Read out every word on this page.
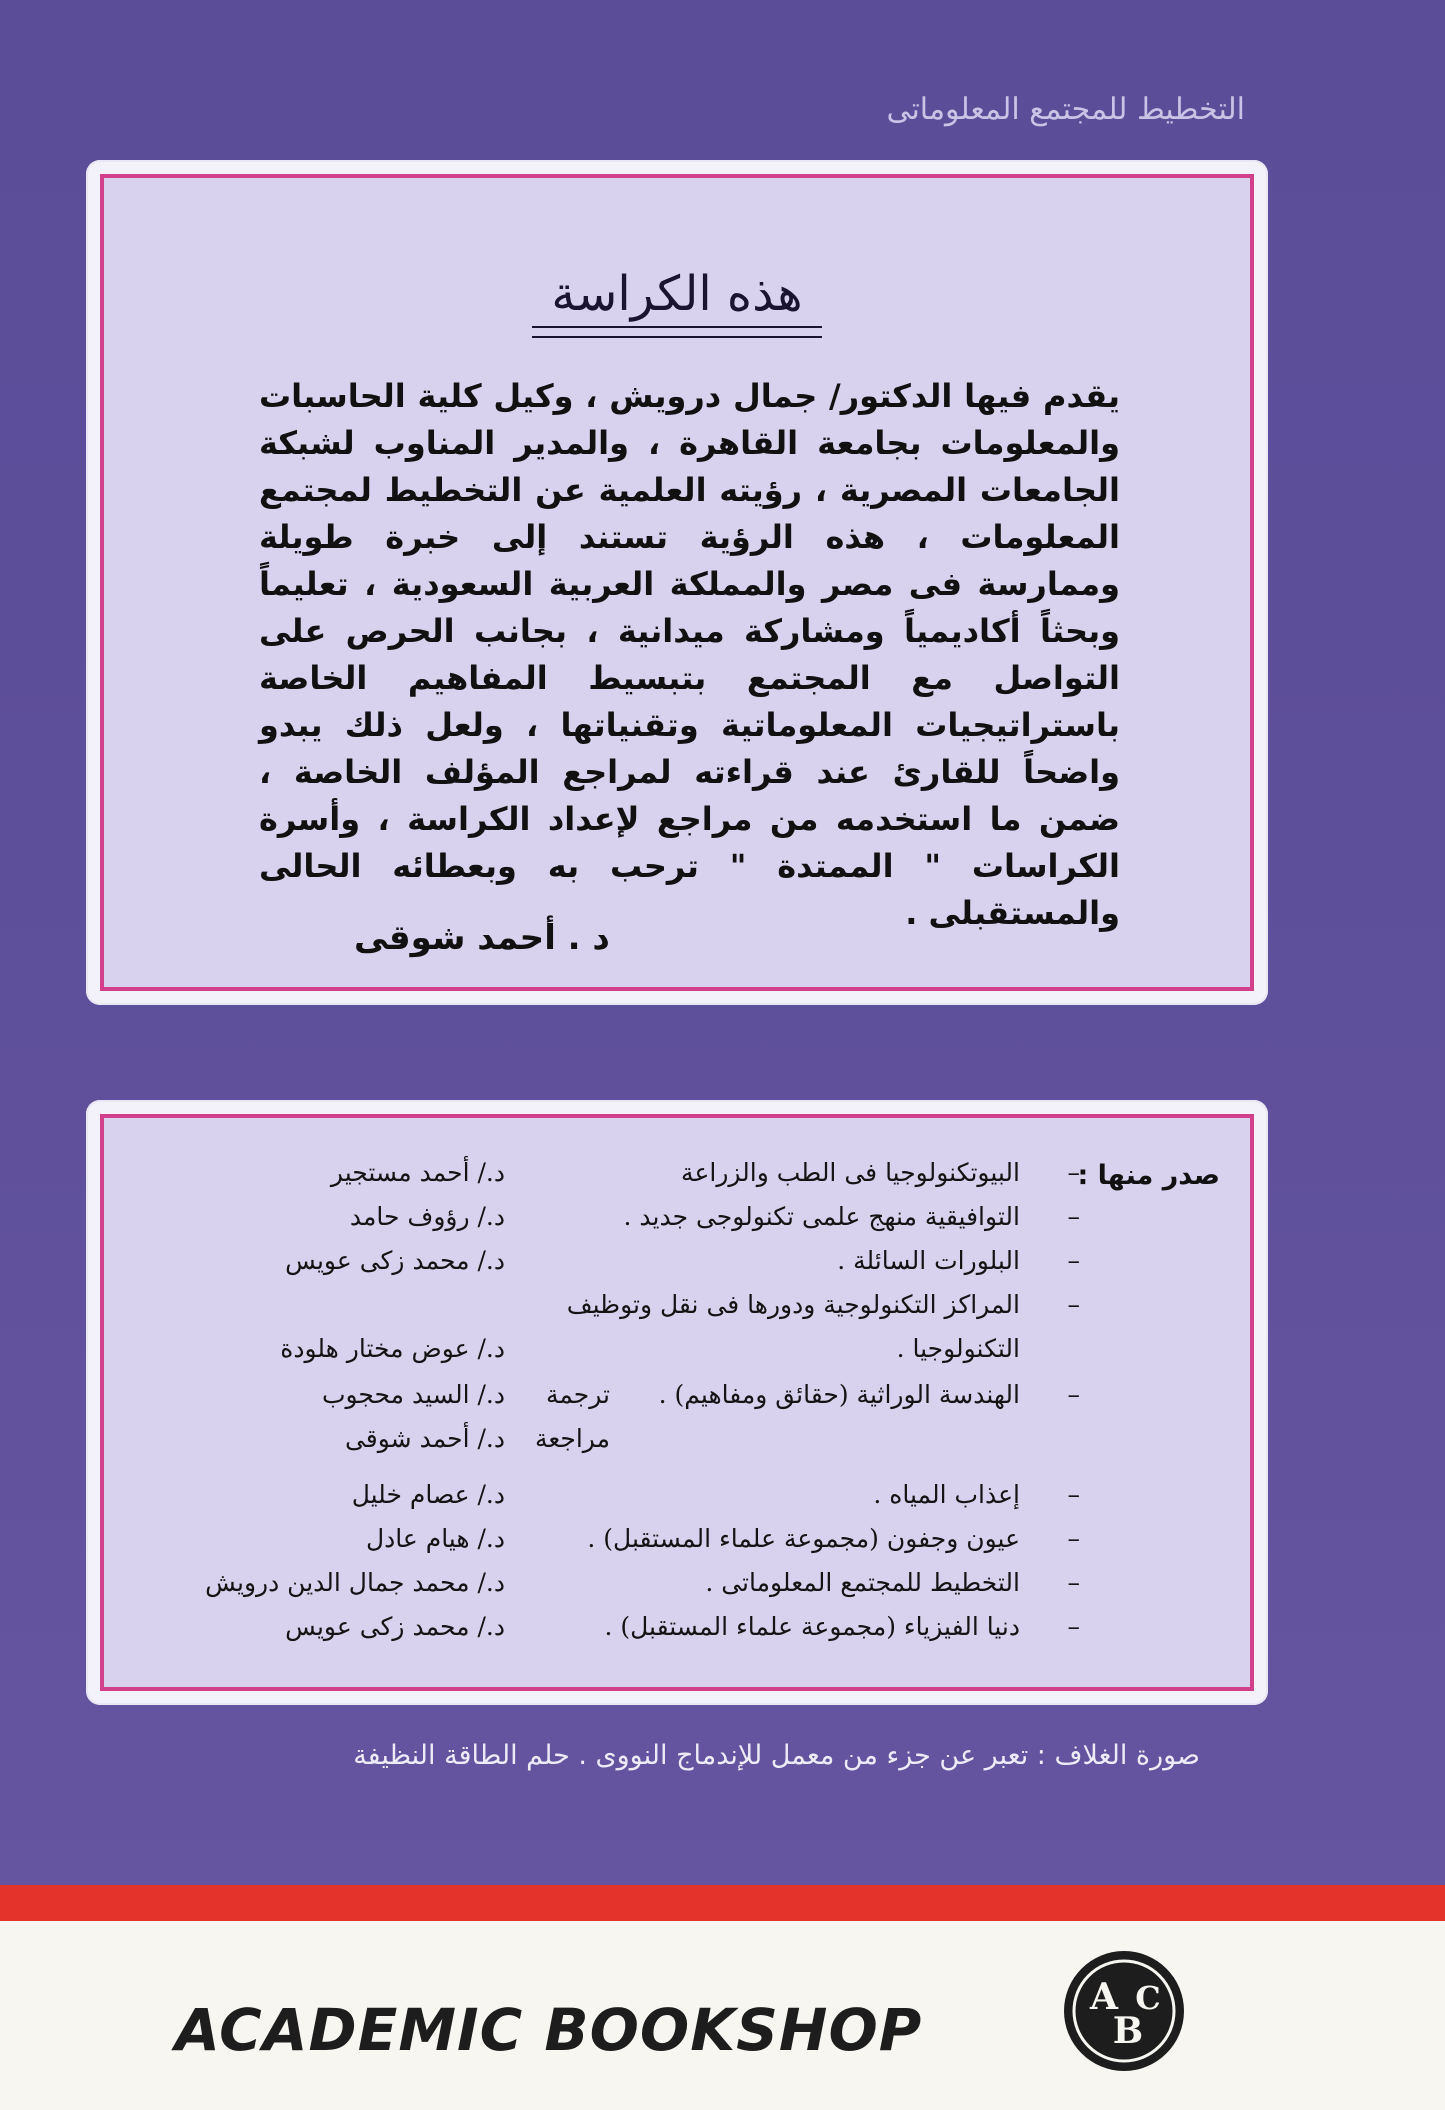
التخطيط للمجتمع المعلوماتى
هذه الكراسة
يقدم فيها الدكتور/ جمال درويش ، وكيل كلية الحاسبات والمعلومات بجامعة القاهرة ، والمدير المناوب لشبكة الجامعات المصرية ، رؤيته العلمية عن التخطيط لمجتمع المعلومات ، هذه الرؤية تستند إلى خبرة طويلة وممارسة فى مصر والمملكة العربية السعودية ، تعليماً وبحثاً أكاديمياً ومشاركة ميدانية ، بجانب الحرص على التواصل مع المجتمع بتبسيط المفاهيم الخاصة باستراتيجيات المعلوماتية وتقنياتها ، ولعل ذلك يبدو واضحاً للقارئ عند قراءته لمراجع المؤلف الخاصة ، ضمن ما استخدمه من مراجع لإعداد الكراسة ، وأسرة الكراسات " الممتدة " ترحب به وبعطائه الحالى والمستقبلى .
د . أحمد شوقى
صدر منها :
–
البيوتكنولوجيا فى الطب والزراعة
د./ أحمد مستجير
–
التوافيقية منهج علمى تكنولوجى جديد .
د./ رؤوف حامد
–
البلورات السائلة .
د./ محمد زكى عويس
–
المراكز التكنولوجية ودورها فى نقل وتوظيف
التكنولوجيا .
د./ عوض مختار هلودة
–
الهندسة الوراثية (حقائق ومفاهيم) .
ترجمة
د./ السيد محجوب
مراجعة
د./ أحمد شوقى
–
إعذاب المياه .
د./ عصام خليل
–
عيون وجفون (مجموعة علماء المستقبل) .
د./ هيام عادل
–
التخطيط للمجتمع المعلوماتى .
د./ محمد جمال الدين درويش
–
دنيا الفيزياء (مجموعة علماء المستقبل) .
د./ محمد زكى عويس
صورة الغلاف : تعبر عن جزء من معمل للإندماج النووى . حلم الطاقة النظيفة
ACADEMIC BOOKSHOP	A
B
C
